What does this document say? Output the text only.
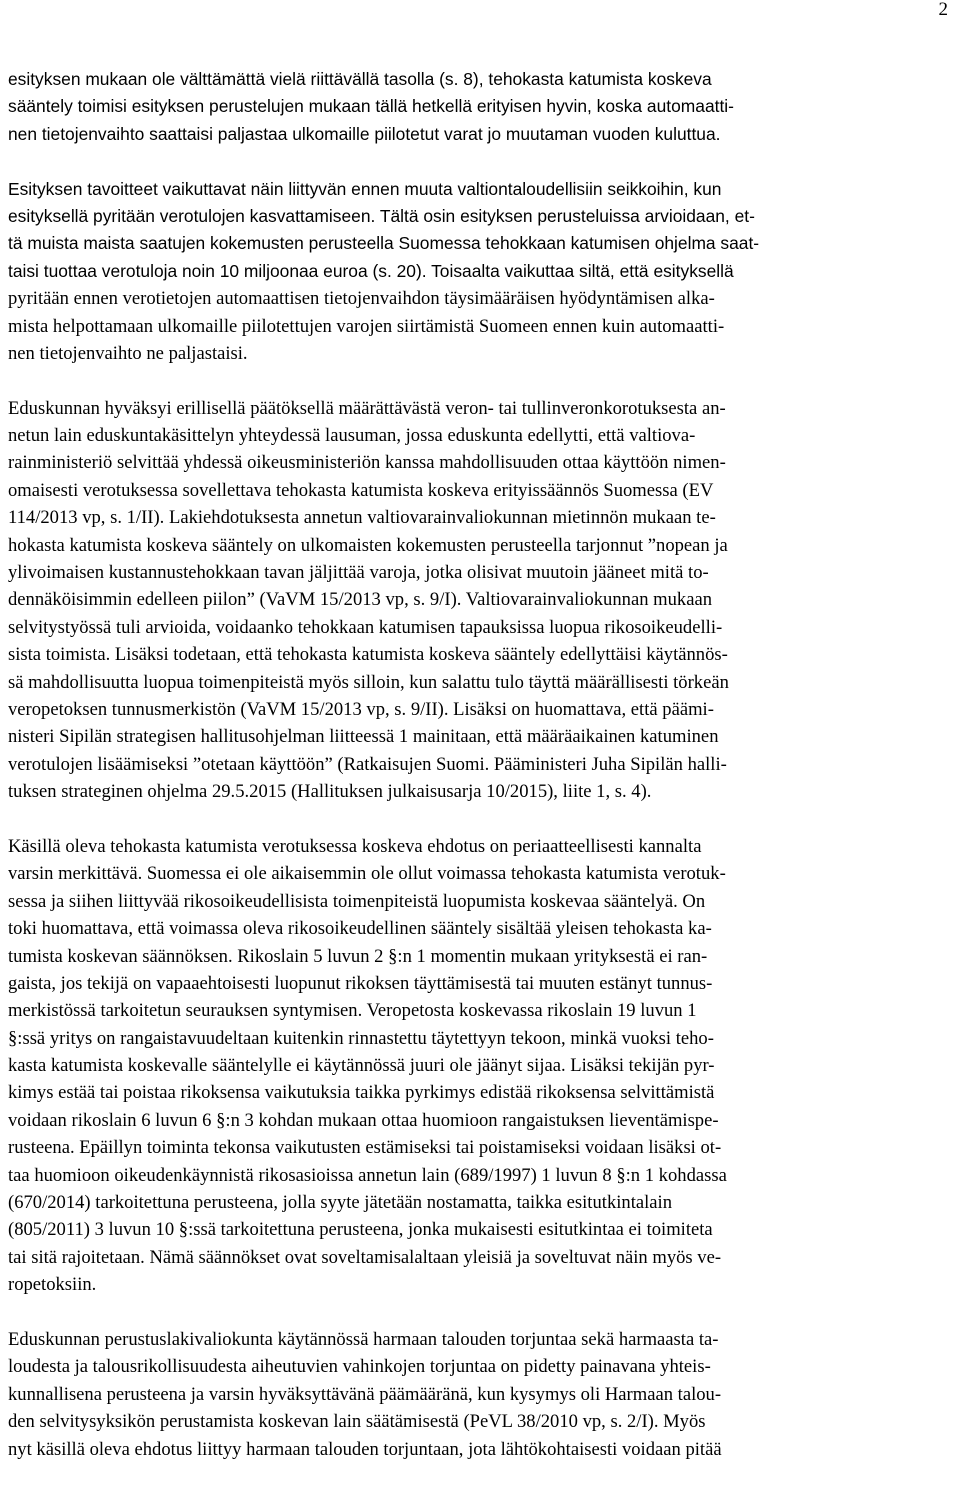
2
esityksen mukaan ole välttämättä vielä riittävällä tasolla (s. 8), tehokasta katumista koskeva
sääntely toimisi esityksen perustelujen mukaan tällä hetkellä erityisen hyvin, koska automaatti-
nen tietojenvaihto saattaisi paljastaa ulkomaille piilotetut varat jo muutaman vuoden kuluttua.
Esityksen tavoitteet vaikuttavat näin liittyvän ennen muuta valtiontaloudellisiin seikkoihin, kun
esityksellä pyritään verotulojen kasvattamiseen. Tältä osin esityksen perusteluissa arvioidaan, et-
tä muista maista saatujen kokemusten perusteella Suomessa tehokkaan katumisen ohjelma saat-
taisi tuottaa verotuloja noin 10 miljoonaa euroa (s. 20). Toisaalta vaikuttaa siltä, että esityksellä
pyritään ennen verotietojen automaattisen tietojenvaihdon täysimääräisen hyödyntämisen alka-
mista helpottamaan ulkomaille piilotettujen varojen siirtämistä Suomeen ennen kuin automaatti-
nen tietojenvaihto ne paljastaisi.
Eduskunnan hyväksyi erillisellä päätöksellä määrättävästä veron- tai tullinveronkorotuksesta an-
netun lain eduskuntakäsittelyn yhteydessä lausuman, jossa eduskunta edellytti, että valtiova-
rainministeriö selvittää yhdessä oikeusministeriön kanssa mahdollisuuden ottaa käyttöön nimen-
omaisesti verotuksessa sovellettava tehokasta katumista koskeva erityissäännös Suomessa (EV
114/2013 vp, s. 1/II). Lakiehdotuksesta annetun valtiovarainvaliokunnan mietinnön mukaan te-
hokasta katumista koskeva sääntely on ulkomaisten kokemusten perusteella tarjonnut ”nopean ja
ylivoimaisen kustannustehokkaan tavan jäljittää varoja, jotka olisivat muutoin jääneet mitä to-
dennäköisimmin edelleen piilon” (VaVM 15/2013 vp, s. 9/I). Valtiovarainvaliokunnan mukaan
selvitystyössä tuli arvioida, voidaanko tehokkaan katumisen tapauksissa luopua rikosoikeudelli-
sista toimista. Lisäksi todetaan, että tehokasta katumista koskeva sääntely edellyttäisi käytännös-
sä mahdollisuutta luopua toimenpiteistä myös silloin, kun salattu tulo täyttä määrällisesti törkeän
veropetoksen tunnusmerkistön (VaVM 15/2013 vp, s. 9/II). Lisäksi on huomattava, että päämi-
nisteri Sipilän strategisen hallitusohjelman liitteessä 1 mainitaan, että määräaikainen katuminen
verotulojen lisäämiseksi ”otetaan käyttöön” (Ratkaisujen Suomi. Pääministeri Juha Sipilän halli-
tuksen strateginen ohjelma 29.5.2015 (Hallituksen julkaisusarja 10/2015), liite 1, s. 4).
Käsillä oleva tehokasta katumista verotuksessa koskeva ehdotus on periaatteellisesti kannalta
varsin merkittävä. Suomessa ei ole aikaisemmin ole ollut voimassa tehokasta katumista verotuk-
sessa ja siihen liittyvää rikosoikeudellisista toimenpiteistä luopumista koskevaa sääntelyä. On
toki huomattava, että voimassa oleva rikosoikeudellinen sääntely sisältää yleisen tehokasta ka-
tumista koskevan säännöksen. Rikoslain 5 luvun 2 §:n 1 momentin mukaan yrityksestä ei ran-
gaista, jos tekijä on vapaaehtoisesti luopunut rikoksen täyttämisestä tai muuten estänyt tunnus-
merkistössä tarkoitetun seurauksen syntymisen. Veropetosta koskevassa rikoslain 19 luvun 1
§:ssä yritys on rangaistavuudeltaan kuitenkin rinnastettu täytettyyn tekoon, minkä vuoksi teho-
kasta katumista koskevalle sääntelylle ei käytännössä juuri ole jäänyt sijaa. Lisäksi tekijän pyr-
kimys estää tai poistaa rikoksensa vaikutuksia taikka pyrkimys edistää rikoksensa selvittämistä
voidaan rikoslain 6 luvun 6 §:n 3 kohdan mukaan ottaa huomioon rangaistuksen lieventämispe-
rusteena. Epäillyn toiminta tekonsa vaikutusten estämiseksi tai poistamiseksi voidaan lisäksi ot-
taa huomioon oikeudenkäynnistä rikosasioissa annetun lain (689/1997) 1 luvun 8 §:n 1 kohdassa
(670/2014) tarkoitettuna perusteena, jolla syyte jätetään nostamatta, taikka esitutkintalain
(805/2011) 3 luvun 10 §:ssä tarkoitettuna perusteena, jonka mukaisesti esitutkintaa ei toimiteta
tai sitä rajoitetaan. Nämä säännökset ovat soveltamisalaltaan yleisiä ja soveltuvat näin myös ve-
ropetoksiin.
Eduskunnan perustuslakivaliokunta käytännössä harmaan talouden torjuntaa sekä harmaasta ta-
loudesta ja talousrikollisuudesta aiheutuvien vahinkojen torjuntaa on pidetty painavana yhteis-
kunnallisena perusteena ja varsin hyväksyttävänä päämääränä, kun kysymys oli Harmaan talou-
den selvitysyksikön perustamista koskevan lain säätämisestä (PeVL 38/2010 vp, s. 2/I). Myös
nyt käsillä oleva ehdotus liittyy harmaan talouden torjuntaan, jota lähtökohtaisesti voidaan pitää
